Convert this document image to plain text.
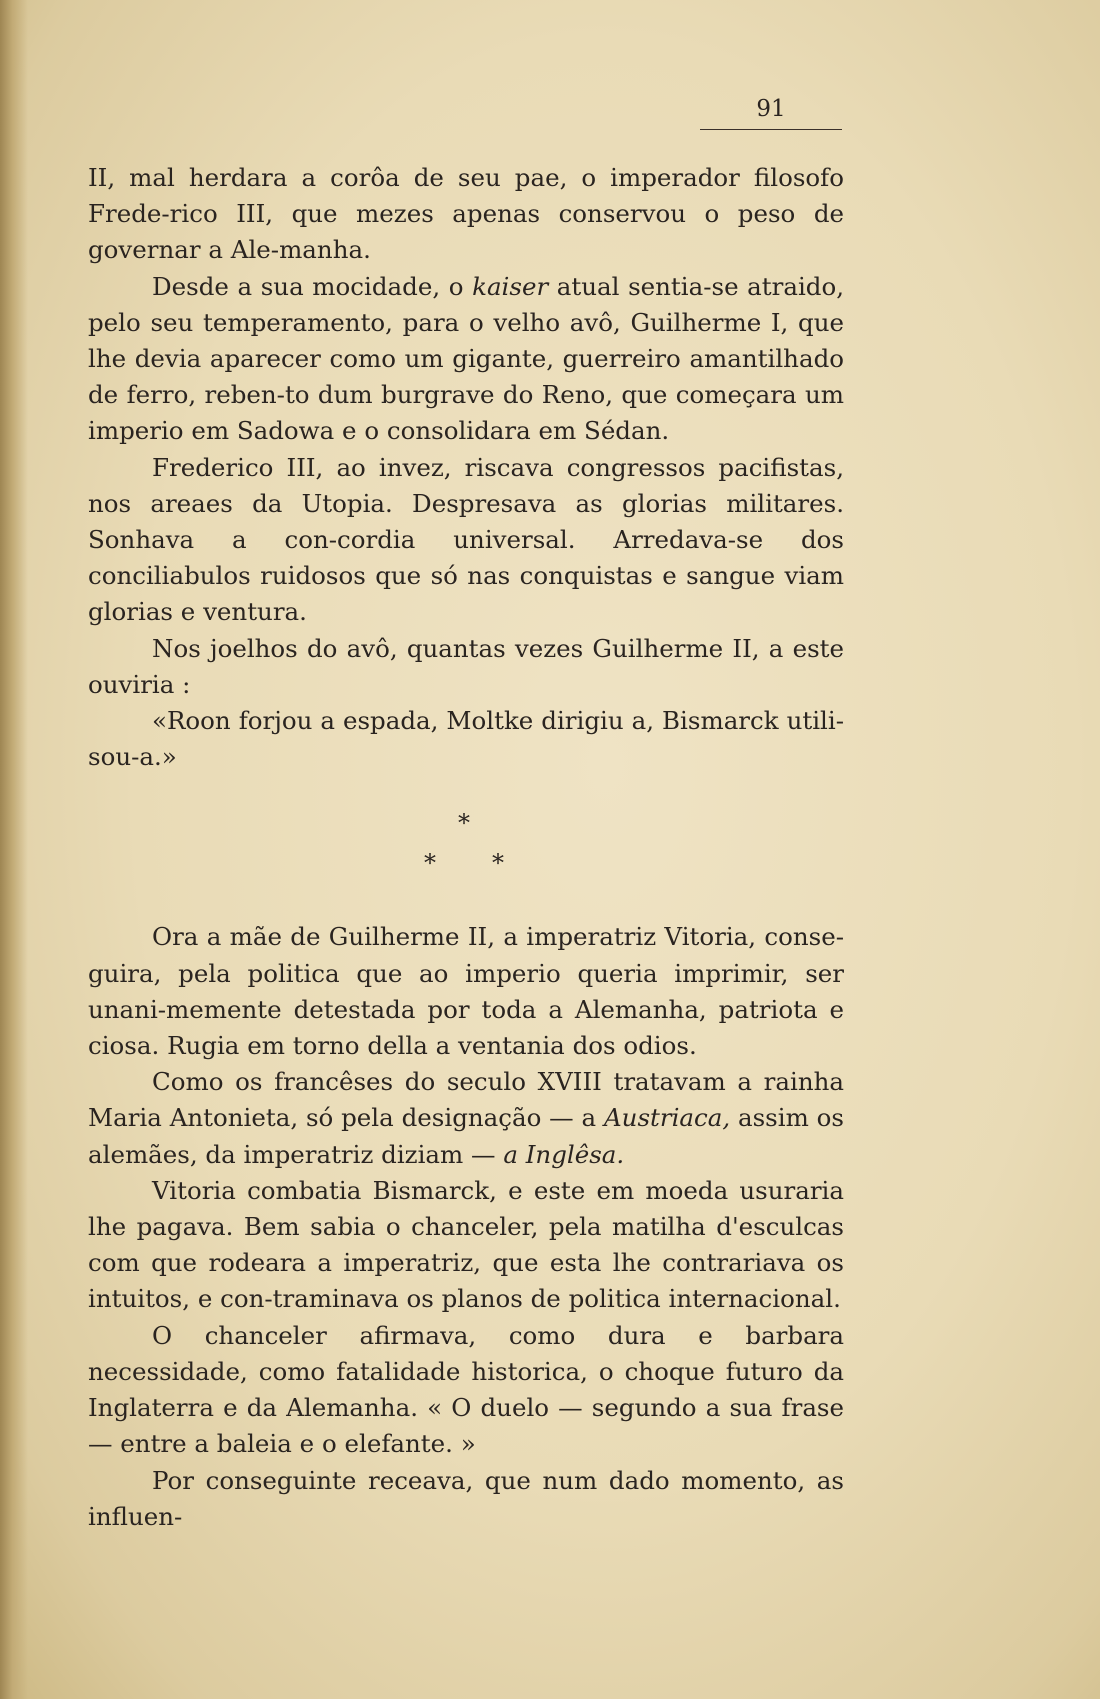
91

II, mal herdara a corôa de seu pae, o imperador filosofo Frede-rico III, que mezes apenas conservou o peso de governar a Ale-manha.

Desde a sua mocidade, o kaiser atual sentia-se atraido, pelo seu temperamento, para o velho avô, Guilherme I, que lhe devia aparecer como um gigante, guerreiro amantilhado de ferro, reben-to dum burgrave do Reno, que começara um imperio em Sadowa e o consolidara em Sédan.

Frederico III, ao invez, riscava congressos pacifistas, nos areaes da Utopia. Despresava as glorias militares. Sonhava a con-cordia universal. Arredava-se dos conciliabulos ruidosos que só nas conquistas e sangue viam glorias e ventura.

Nos joelhos do avô, quantas vezes Guilherme II, a este ouviria :

«Roon forjou a espada, Moltke dirigiu a, Bismarck utili-sou-a.»

*
* *

Ora a mãe de Guilherme II, a imperatriz Vitoria, conse-guira, pela politica que ao imperio queria imprimir, ser unani-memente detestada por toda a Alemanha, patriota e ciosa. Rugia em torno della a ventania dos odios.

Como os francêses do seculo XVIII tratavam a rainha Maria Antonieta, só pela designação — a Austriaca, assim os alemães, da imperatriz diziam — a Inglêsa.

Vitoria combatia Bismarck, e este em moeda usuraria lhe pagava. Bem sabia o chanceler, pela matilha d'esculcas com que rodeara a imperatriz, que esta lhe contrariava os intuitos, e con-traminava os planos de politica internacional.

O chanceler afirmava, como dura e barbara necessidade, como fatalidade historica, o choque futuro da Inglaterra e da Alemanha. « O duelo — segundo a sua frase — entre a baleia e o elefante. »

Por conseguinte receava, que num dado momento, as influen-
